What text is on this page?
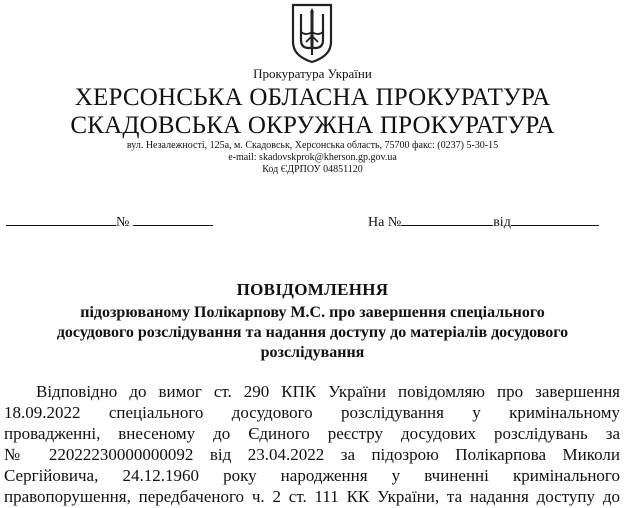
Прокуратура України
ХЕРСОНСЬКА ОБЛАСНА ПРОКУРАТУРА
СКАДОВСЬКА ОКРУЖНА ПРОКУРАТУРА
вул. Незалежності, 125а, м. Скадовськ, Херсонська область, 75700 факс: (0237) 5-30-15
e-mail: skadovskprok@kherson.gp.gov.ua
Код ЄДРПОУ 04851120
№	На №	від
ПОВІДОМЛЕННЯ
підозрюваному Полікарпову М.С. про завершення спеціального
досудового розслідування та надання доступу до матеріалів досудового
розслідування
Відповідно до вимог ст. 290 КПК України повідомляю про завершення
18.09.2022 спеціального досудового розслідування у кримінальному
провадженні, внесеному до Єдиного реєстру досудових розслідувань за
№ 22022230000000092 від 23.04.2022 за підозрою Полікарпова Миколи
Сергійовича, 24.12.1960 року народження у вчиненні кримінального
правопорушення, передбаченого ч. 2 ст. 111 КК України, та надання доступу до
